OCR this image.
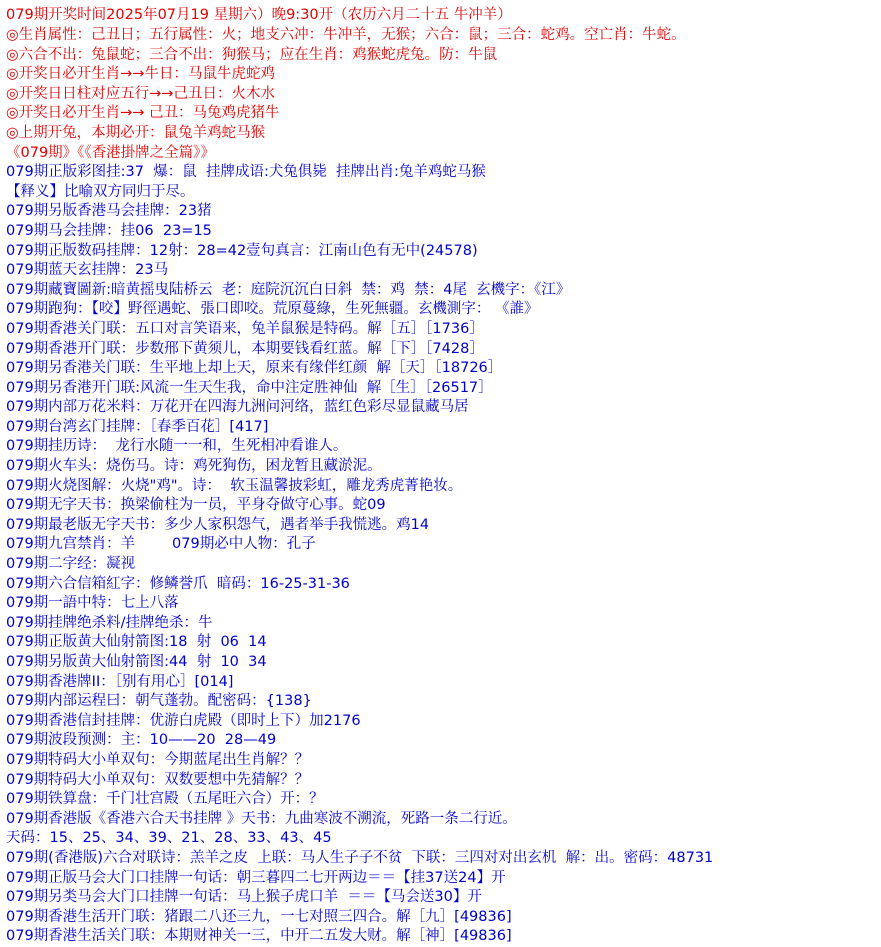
079期开奖时间2025年07月19 星期六）晚9:30开（农历六月二十五 牛冲羊）
◎生肖属性：己丑日；五行属性：火；地支六冲：牛冲羊，无猴；六合：鼠；三合：蛇鸡。空亡肖：牛蛇。
◎六合不出：兔鼠蛇；三合不出：狗猴马；应在生肖：鸡猴蛇虎兔。防：牛鼠
◎开奖日必开生肖→→牛日：马鼠牛虎蛇鸡
◎开奖日日柱对应五行→→己丑日：火木水
◎开奖日必开生肖→→ 己丑：马兔鸡虎猪牛
◎上期开兔，本期必开：鼠兔羊鸡蛇马猴
《079期》《《香港掛牌之全篇》》
079期正版彩图挂:37  爆：鼠  挂牌成语:犬兔俱毙  挂牌出肖:兔羊鸡蛇马猴
【释义】比喻双方同归于尽。
079期另版香港马会挂牌：23猪
079期马会挂牌：挂06  23=15
079期正版数码挂牌：12射：28=42壹句真言：江南山色有无中(24578)
079期蓝天玄挂牌：23马
079期藏寶圖新:暗黄摇曳陆桥云  老：庭院沉沉白日斜  禁：鸡  禁：4尾  玄機字：《江》
079期跑狗：【咬】野徑遇蛇、張口即咬。荒原蔓綠，生死無疆。玄機測字： 《誰》
079期香港关门联：五口对言笑语来，兔羊鼠猴是特码。解［五］［1736］
079期香港开门联：步数郉下黄须儿，本期要钱看红蓝。解［下］［7428］
079期另香港关门联：生平地上却上天，原来有缘伴红颜  解［天］［18726］
079期另香港开门联:风流一生天生我，命中注定胜神仙  解［生］［26517］
079期内部万花米料：万花开在四海九洲问河络，蓝红色彩尽显鼠藏马居
079期台湾玄门挂牌：［春季百花］[417]
079期挂历诗：  龙行水随一一和，生死相冲看谁人。
079期火车头：烧伤马。诗：鸡死狗伤，困龙暂且藏淤泥。
079期火烧图解：火烧"鸡"。诗：  软玉温馨披彩虹，雕龙秀虎菁艳妆。
079期无字天书：换梁偷柱为一员，平身夺做守心事。蛇09
079期最老版无字天书：多少人家积怨气，遇者举手我慌逃。鸡14
079期九宫禁肖：羊        079期必中人物：孔子
079期二字经：凝视
079期六合信箱紅字：修鳞誉爪  暗码：16-25-31-36
079期一語中特：七上八落
079期挂牌绝杀料/挂牌绝杀：牛
079期正版黄大仙射箭图:18  射  06  14
079期另版黄大仙射箭图:44  射  10  34
079期香港牌II：［别有用心］[014]
079期内部运程曰：朝气蓬勃。配密码：{138}
079期香港信封挂牌：优游白虎殿（即时上下）加2176
079期波段预测：主：10——20  28—49
079期特码大小单双句：今期蓝尾出生肖解？？
079期特码大小单双句：双数要想中先猜解？？
079期铁算盘：千门壮宫殿（五尾旺六合）开：？
079期香港版《香港六合天书挂牌 》天书：九曲寒波不溯流，死路一条二行近。
天码：15、25、34、39、21、28、33、43、45
079期(香港版)六合对联诗：羔羊之皮  上联：马人生子子不贫  下联：三四对对出玄机  解：出。密码：48731
079期正版马会大门口挂牌一句话：朝三暮四二七开两边＝＝【挂37送24】开
079期另类马会大门口挂牌一句话：马上猴子虎口羊  ＝＝【马会送30】开
079期香港生活开门联：猪跟二八还三九，一七对照三四合。解［九］[49836]
079期香港生活关门联：本期财神关一三，中开二五发大财。解［神］[49836]
